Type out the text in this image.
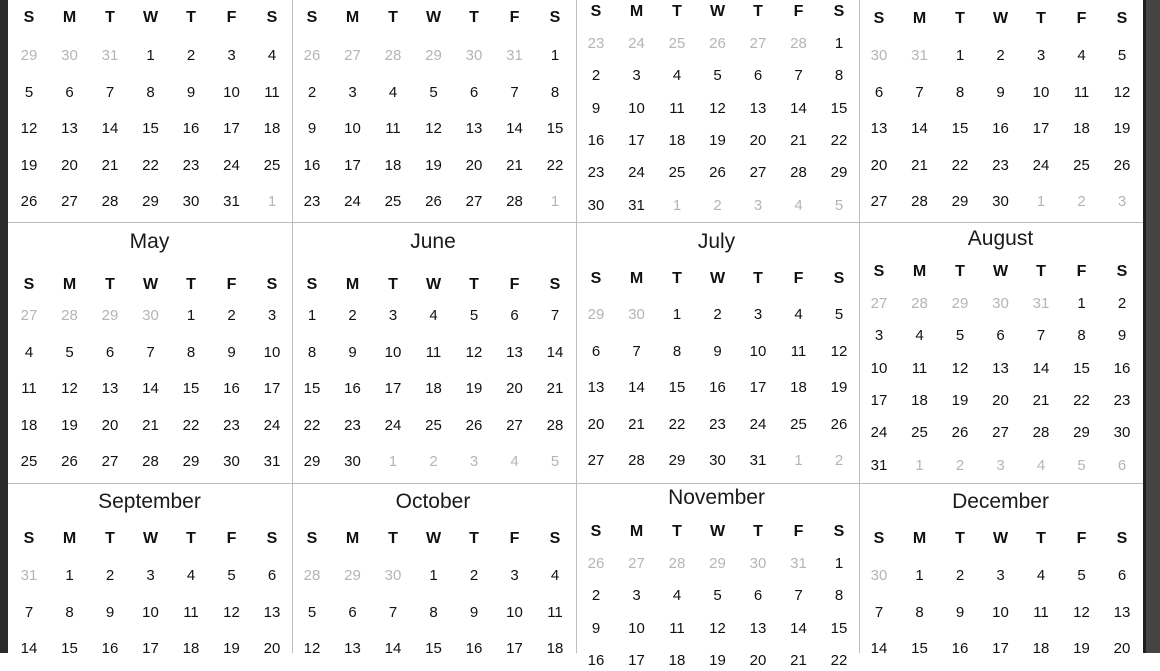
S	M	T	W	T	F	S
29	30	31	1	2	3	4
5	6	7	8	9	10	11
12	13	14	15	16	17	18
19	20	21	22	23	24	25
26	27	28	29	30	31	1
S	M	T	W	T	F	S
26	27	28	29	30	31	1
2	3	4	5	6	7	8
9	10	11	12	13	14	15
16	17	18	19	20	21	22
23	24	25	26	27	28	1
S	M	T	W	T	F	S
23	24	25	26	27	28	1
2	3	4	5	6	7	8
9	10	11	12	13	14	15
16	17	18	19	20	21	22
23	24	25	26	27	28	29
30	31	1	2	3	4	5
S	M	T	W	T	F	S
30	31	1	2	3	4	5
6	7	8	9	10	11	12
13	14	15	16	17	18	19
20	21	22	23	24	25	26
27	28	29	30	1	2	3
May
S	M	T	W	T	F	S
27	28	29	30	1	2	3
4	5	6	7	8	9	10
11	12	13	14	15	16	17
18	19	20	21	22	23	24
25	26	27	28	29	30	31
June
S	M	T	W	T	F	S
1	2	3	4	5	6	7
8	9	10	11	12	13	14
15	16	17	18	19	20	21
22	23	24	25	26	27	28
29	30	1	2	3	4	5
July
S	M	T	W	T	F	S
29	30	1	2	3	4	5
6	7	8	9	10	11	12
13	14	15	16	17	18	19
20	21	22	23	24	25	26
27	28	29	30	31	1	2
August
S	M	T	W	T	F	S
27	28	29	30	31	1	2
3	4	5	6	7	8	9
10	11	12	13	14	15	16
17	18	19	20	21	22	23
24	25	26	27	28	29	30
31	1	2	3	4	5	6
September
S	M	T	W	T	F	S
31	1	2	3	4	5	6
7	8	9	10	11	12	13
14	15	16	17	18	19	20
October
S	M	T	W	T	F	S
28	29	30	1	2	3	4
5	6	7	8	9	10	11
12	13	14	15	16	17	18
November
S	M	T	W	T	F	S
26	27	28	29	30	31	1
2	3	4	5	6	7	8
9	10	11	12	13	14	15
16	17	18	19	20	21	22
December
S	M	T	W	T	F	S
30	1	2	3	4	5	6
7	8	9	10	11	12	13
14	15	16	17	18	19	20
